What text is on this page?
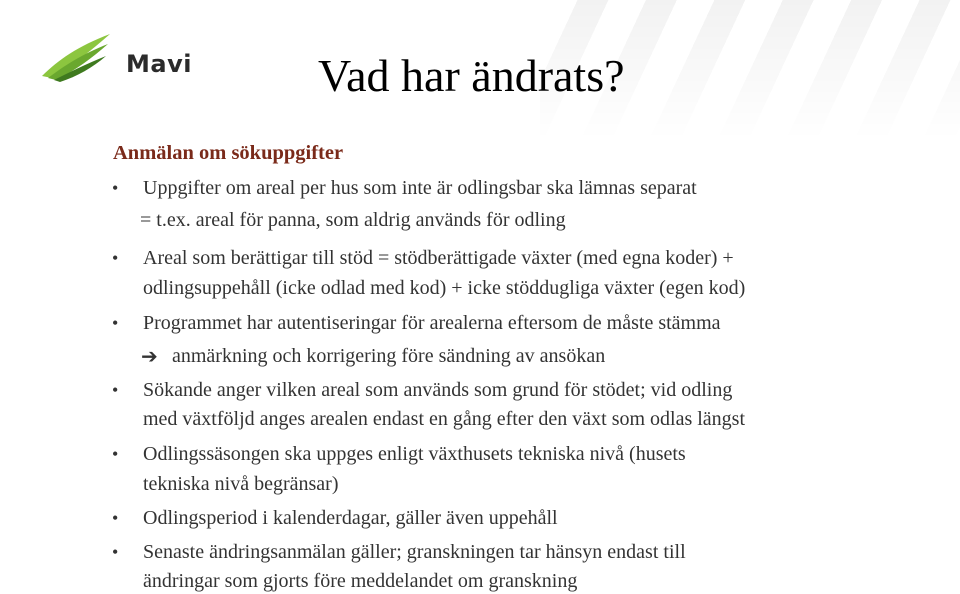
Mavi	Vad har ändrats?
Anmälan om sökuppgifter
• Uppgifter om areal per hus som inte är odlingsbar ska lämnas separat
= t.ex. areal för panna, som aldrig används för odling
• Areal som berättigar till stöd = stödberättigade växter (med egna koder) +
odlingsuppehåll (icke odlad med kod) + icke stöddugliga växter (egen kod)
• Programmet har autentiseringar för arealerna eftersom de måste stämma
➔ anmärkning och korrigering före sändning av ansökan
• Sökande anger vilken areal som används som grund för stödet; vid odling
med växtföljd anges arealen endast en gång efter den växt som odlas längst
• Odlingssäsongen ska uppges enligt växthusets tekniska nivå (husets
tekniska nivå begränsar)
• Odlingsperiod i kalenderdagar, gäller även uppehåll
• Senaste ändringsanmälan gäller; granskningen tar hänsyn endast till
ändringar som gjorts före meddelandet om granskning
